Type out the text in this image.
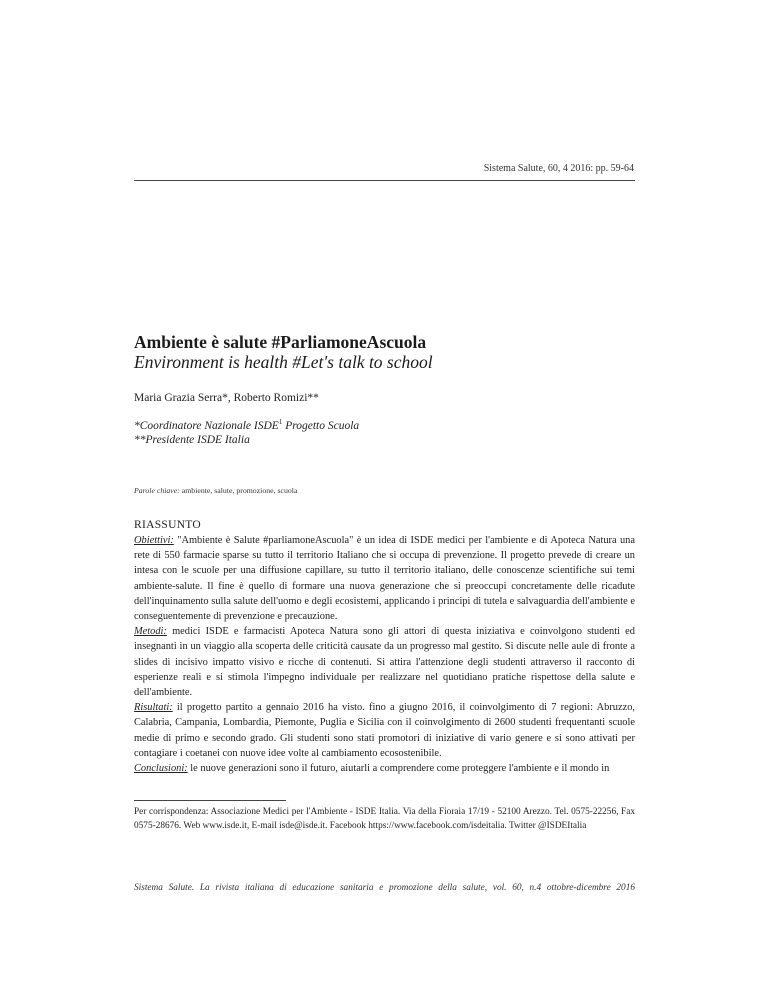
Sistema Salute, 60, 4 2016: pp. 59-64
Ambiente è salute #ParliamoneAscuola
Environment is health #Let's talk to school
Maria Grazia Serra*, Roberto Romizi**
*Coordinatore Nazionale ISDE$^1$ Progetto Scuola
**Presidente ISDE Italia
Parole chiave: ambiente, salute, promozione, scuola
RIASSUNTO

Obiettivi: "Ambiente è Salute #parliamoneAscuola" è un idea di ISDE medici per l'ambiente e di Apoteca Natura una rete di 550 farmacie sparse su tutto il territorio Italiano che si occupa di prevenzione. Il progetto prevede di creare un intesa con le scuole per una diffusione capillare, su tutto il territorio italiano, delle conoscenze scientifiche sui temi ambiente-salute. Il fine è quello di formare una nuova generazione che si preoccupi concretamente delle ricadute dell'inquinamento sulla salute dell'uomo e degli ecosistemi, applicando i principi di tutela e salvaguardia dell'ambiente e conseguentemente di prevenzione e precauzione.

Metodi: medici ISDE e farmacisti Apoteca Natura sono gli attori di questa iniziativa e coinvolgono studenti ed insegnanti in un viaggio alla scoperta delle criticità causate da un progresso mal gestito. Si discute nelle aule di fronte a slides di incisivo impatto visivo e ricche di contenuti. Si attira l'attenzione degli studenti attraverso il racconto di esperienze reali e si stimola l'impegno individuale per realizzare nel quotidiano pratiche rispettose della salute e dell'ambiente.

Risultati: il progetto partito a gennaio 2016 ha visto. fino a giugno 2016, il coinvolgimento di 7 regioni: Abruzzo, Calabria, Campania, Lombardia, Piemonte, Puglia e Sicilia con il coinvolgimento di 2600 studenti frequentanti scuole medie di primo e secondo grado. Gli studenti sono stati promotori di iniziative di vario genere e si sono attivati per contagiare i coetanei con nuove idee volte al cambiamento ecosostenibile.

Conclusioni: le nuove generazioni sono il futuro, aiutarli a comprendere come proteggere l'ambiente e il mondo in

Per corrispondenza: Associazione Medici per l'Ambiente - ISDE Italia. Via della Fioraia 17/19 - 52100 Arezzo. Tel. 0575-22256, Fax 0575-28676. Web www.isde.it, E-mail isde@isde.it. Facebook https://www.facebook.com/isdeitalia. Twitter @ISDEItalia
Sistema Salute. La rivista italiana di educazione sanitaria e promozione della salute, vol. 60, n.4 ottobre-dicembre 2016
